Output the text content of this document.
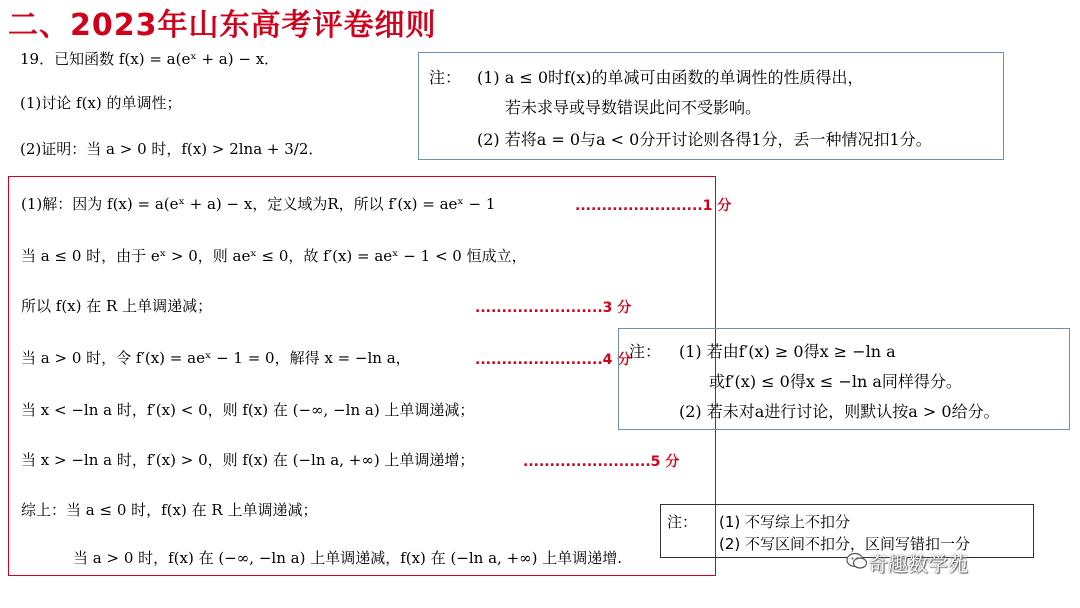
二、2023年山东高考评卷细则
19．已知函数 f(x) = a(eˣ + a) − x．
(1)讨论 f(x) 的单调性；
(2)证明：当 a > 0 时，f(x) > 2lna + 3/2．
注： (1) a ≤ 0时f(x)的单减可由函数的单调性的性质得出，
若未求导或导数错误此问不受影响。
(2) 若将a = 0与a < 0分开讨论则各得1分，丢一种情况扣1分。
(1)解：因为 f(x) = a(eˣ + a) − x，定义域为R，所以 f′(x) = aeˣ − 1	........................1 分
当 a ≤ 0 时，由于 eˣ > 0，则 aeˣ ≤ 0，故 f′(x) = aeˣ − 1 < 0 恒成立，
所以 f(x) 在 R 上单调递减；	........................3 分
当 a > 0 时，令 f′(x) = aeˣ − 1 = 0，解得 x = −ln a，	........................4 分
当 x < −ln a 时，f′(x) < 0，则 f(x) 在 (−∞, −ln a) 上单调递减；
当 x > −ln a 时，f′(x) > 0，则 f(x) 在 (−ln a, +∞) 上单调递增；	........................5 分
综上：当 a ≤ 0 时，f(x) 在 R 上单调递减；
当 a > 0 时，f(x) 在 (−∞, −ln a) 上单调递减，f(x) 在 (−ln a, +∞) 上单调递增.
注： (1) 若由f′(x) ≥ 0得x ≥ −ln a
或f′(x) ≤ 0得x ≤ −ln a同样得分。
(2) 若未对a进行讨论，则默认按a > 0给分。
注： (1) 不写综上不扣分
(2) 不写区间不扣分，区间写错扣一分
奇趣数学苑
